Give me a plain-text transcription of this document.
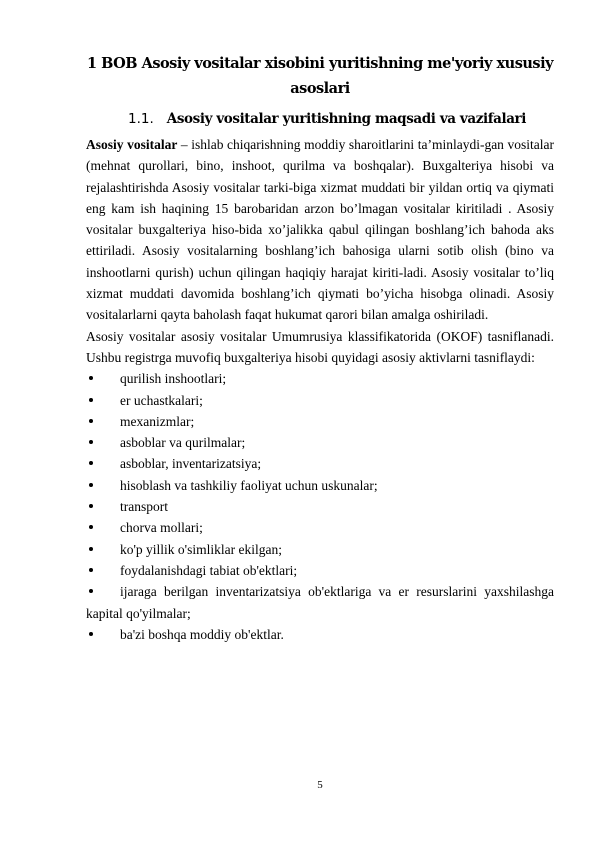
1 BOB Asosiy vositalar xisobini yuritishning me'yoriy xususiy asoslari
1.1. Asosiy vositalar yuritishning maqsadi va vazifalari

Asosiy vositalar – ishlab chiqarishning moddiy sharoitlarini ta’minlaydi-gan vositalar (mehnat qurollari, bino, inshoot, qurilma va boshqalar). Buxgalteriya hisobi va rejalashtirishda Asosiy vositalar tarki-biga xizmat muddati bir yildan ortiq va qiymati eng kam ish haqining 15 barobaridan arzon bo’lmagan vositalar kiritiladi . Asosiy vositalar buxgalteriya hiso-bida xo’jalikka qabul qilingan boshlang’ich bahoda aks ettiriladi. Asosiy vositalarning boshlang’ich bahosiga ularni sotib olish (bino va inshootlarni qurish) uchun qilingan haqiqiy harajat kiriti-ladi. Asosiy vositalar to’liq xizmat muddati davomida boshlang’ich qiymati bo’yicha hisobga olinadi. Asosiy vositalarlarni qayta baholash faqat hukumat qarori bilan amalga oshiriladi.

Asosiy vositalar asosiy vositalar Umumrusiya klassifikatorida (OKOF) tasniflanadi. Ushbu registrga muvofiq buxgalteriya hisobi quyidagi asosiy aktivlarni tasniflaydi:

qurilish inshootlari;
er uchastkalari;
mexanizmlar;
asboblar va qurilmalar;
asboblar, inventarizatsiya;
hisoblash va tashkiliy faoliyat uchun uskunalar;
transport
chorva mollari;
ko'p yillik o'simliklar ekilgan;
foydalanishdagi tabiat ob'ektlari;
ijaraga berilgan inventarizatsiya ob'ektlariga va er resurslarini yaxshilashga kapital qo'yilmalar;
ba'zi boshqa moddiy ob'ektlar.
5
